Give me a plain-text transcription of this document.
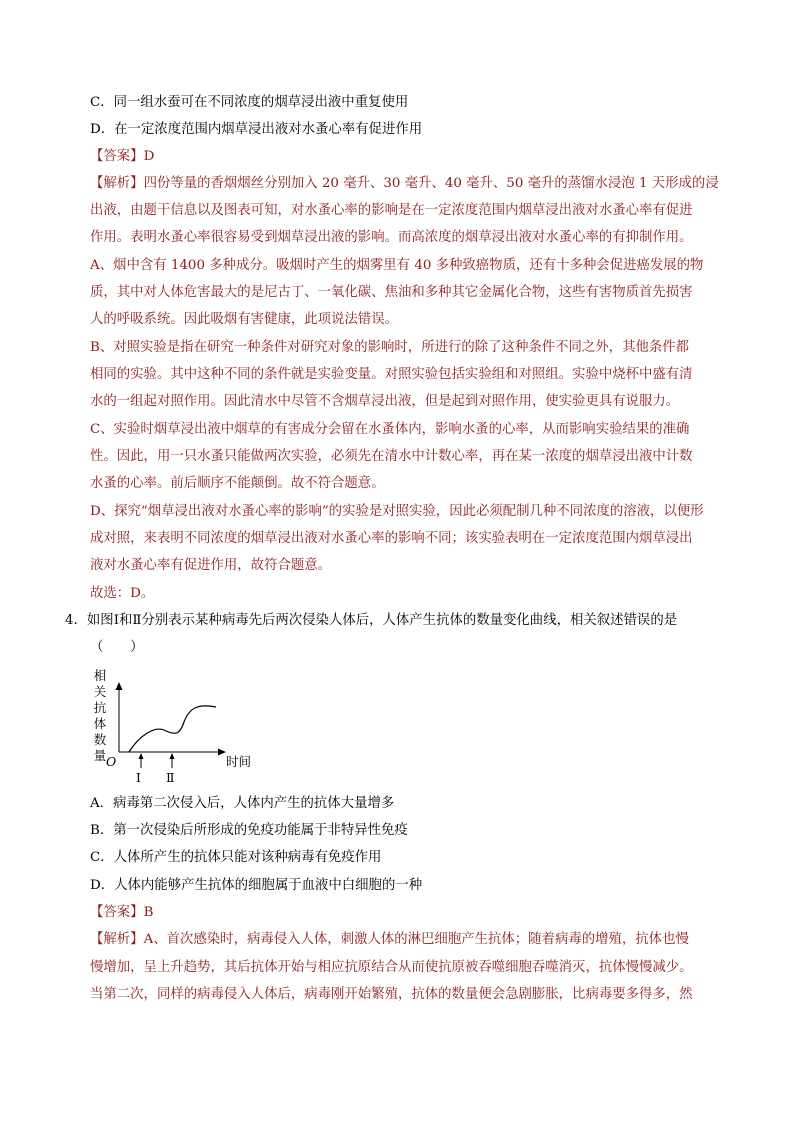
C．同一组水蚕可在不同浓度的烟草浸出液中重复使用
D．在一定浓度范围内烟草浸出液对水蚤心率有促进作用
【答案】D
【解析】四份等量的香烟烟丝分别加入 20 毫升、30 毫升、40 毫升、50 毫升的蒸馏水浸泡 1 天形成的浸
出液，由题干信息以及图表可知，对水蚤心率的影响是在一定浓度范围内烟草浸出液对水蚤心率有促进
作用。表明水蚤心率很容易受到烟草浸出液的影响。而高浓度的烟草浸出液对水蚤心率的有抑制作用。
A、烟中含有 1400 多种成分。吸烟时产生的烟雾里有 40 多种致癌物质，还有十多种会促进癌发展的物
质，其中对人体危害最大的是尼古丁、一氧化碳、焦油和多种其它金属化合物，这些有害物质首先损害
人的呼吸系统。因此吸烟有害健康，此项说法错误。
B、对照实验是指在研究一种条件对研究对象的影响时，所进行的除了这种条件不同之外，其他条件都
相同的实验。其中这种不同的条件就是实验变量。对照实验包括实验组和对照组。实验中烧杯中盛有清
水的一组起对照作用。因此清水中尽管不含烟草浸出液，但是起到对照作用，使实验更具有说服力。
C、实验时烟草浸出液中烟草的有害成分会留在水蚤体内，影响水蚤的心率，从而影响实验结果的准确
性。因此，用一只水蚤只能做两次实验，必须先在清水中计数心率，再在某一浓度的烟草浸出液中计数
水蚤的心率。前后顺序不能颠倒。故不符合题意。
D、探究“烟草浸出液对水蚤心率的影响”的实验是对照实验，因此必须配制几种不同浓度的溶液，以便形
成对照，来表明不同浓度的烟草浸出液对水蚤心率的影响不同；该实验表明在一定浓度范围内烟草浸出
液对水蚤心率有促进作用，故符合题意。
故选：D。
4．如图Ⅰ和Ⅱ分别表示某种病毒先后两次侵染人体后，人体产生抗体的数量变化曲线，相关叙述错误的是
（　　）
相
关
抗
体
数
量 O	时间
Ⅰ Ⅱ
A．病毒第二次侵入后，人体内产生的抗体大量增多
B．第一次侵染后所形成的免疫功能属于非特异性免疫
C．人体所产生的抗体只能对该种病毒有免疫作用
D．人体内能够产生抗体的细胞属于血液中白细胞的一种
【答案】B
【解析】A、首次感染时，病毒侵入人体，刺激人体的淋巴细胞产生抗体；随着病毒的增殖，抗体也慢
慢增加，呈上升趋势，其后抗体开始与相应抗原结合从而使抗原被吞噬细胞吞噬消灭，抗体慢慢减少。
当第二次，同样的病毒侵入人体后，病毒刚开始繁殖，抗体的数量便会急剧膨胀，比病毒要多得多，然
